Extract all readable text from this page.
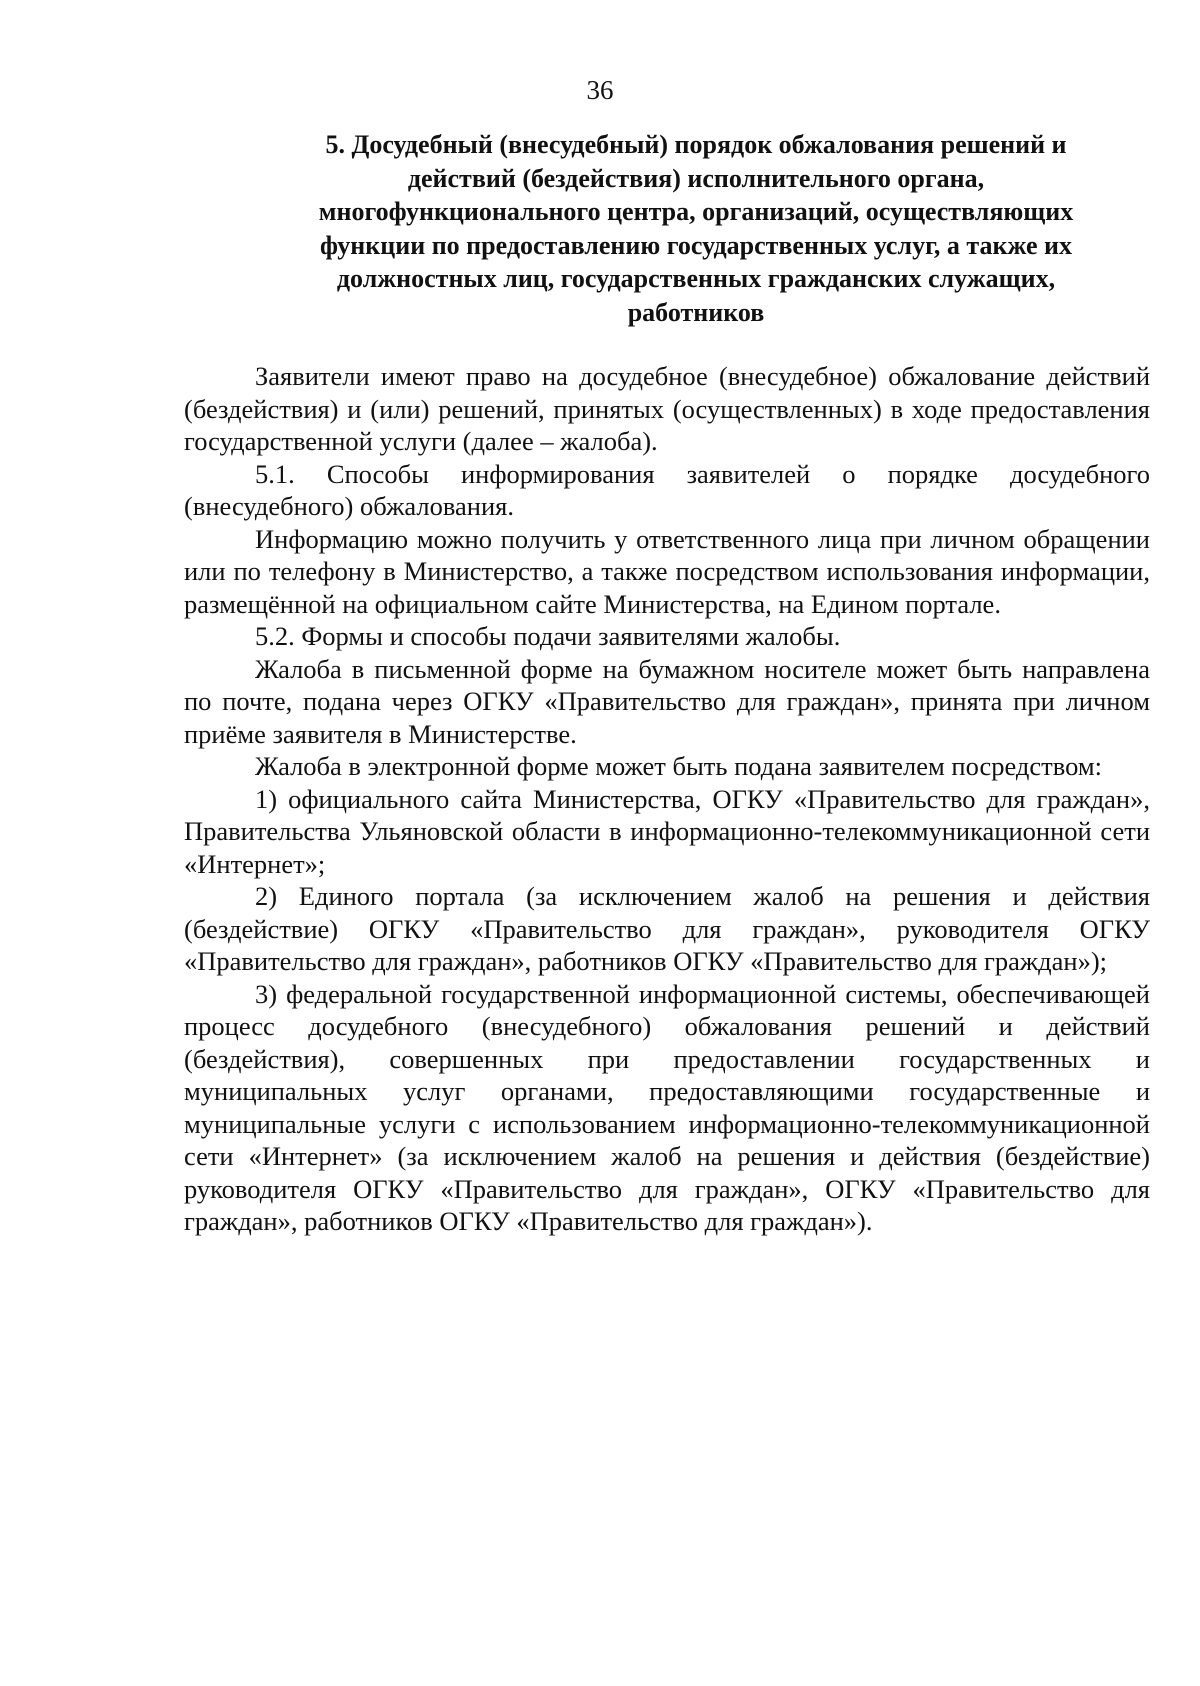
36
5. Досудебный (внесудебный) порядок обжалования решений и
действий (бездействия) исполнительного органа,
многофункционального центра, организаций, осуществляющих
функции по предоставлению государственных услуг, а также их
должностных лиц, государственных гражданских служащих,
работников

Заявители имеют право на досудебное (внесудебное) обжалование действий (бездействия) и (или) решений, принятых (осуществленных) в ходе предоставления государственной услуги (далее – жалоба).

5.1. Способы информирования заявителей о порядке досудебного (внесудебного) обжалования.

Информацию можно получить у ответственного лица при личном обращении или по телефону в Министерство, а также посредством использования информации, размещённой на официальном сайте Министерства, на Едином портале.

5.2. Формы и способы подачи заявителями жалобы.

Жалоба в письменной форме на бумажном носителе может быть направлена по почте, подана через ОГКУ «Правительство для граждан», принята при личном приёме заявителя в Министерстве.

Жалоба в электронной форме может быть подана заявителем посредством:

1) официального сайта Министерства, ОГКУ «Правительство для граждан», Правительства Ульяновской области в информационно-телекоммуникационной сети «Интернет»;

2) Единого портала (за исключением жалоб на решения и действия (бездействие) ОГКУ «Правительство для граждан», руководителя ОГКУ «Правительство для граждан», работников ОГКУ «Правительство для граждан»);

3) федеральной государственной информационной системы, обеспечивающей процесс досудебного (внесудебного) обжалования решений и действий (бездействия), совершенных при предоставлении государственных и муниципальных услуг органами, предоставляющими государственные и муниципальные услуги с использованием информационно-телекоммуникационной сети «Интернет» (за исключением жалоб на решения и действия (бездействие) руководителя ОГКУ «Правительство для граждан», ОГКУ «Правительство для граждан», работников ОГКУ «Правительство для граждан»).
